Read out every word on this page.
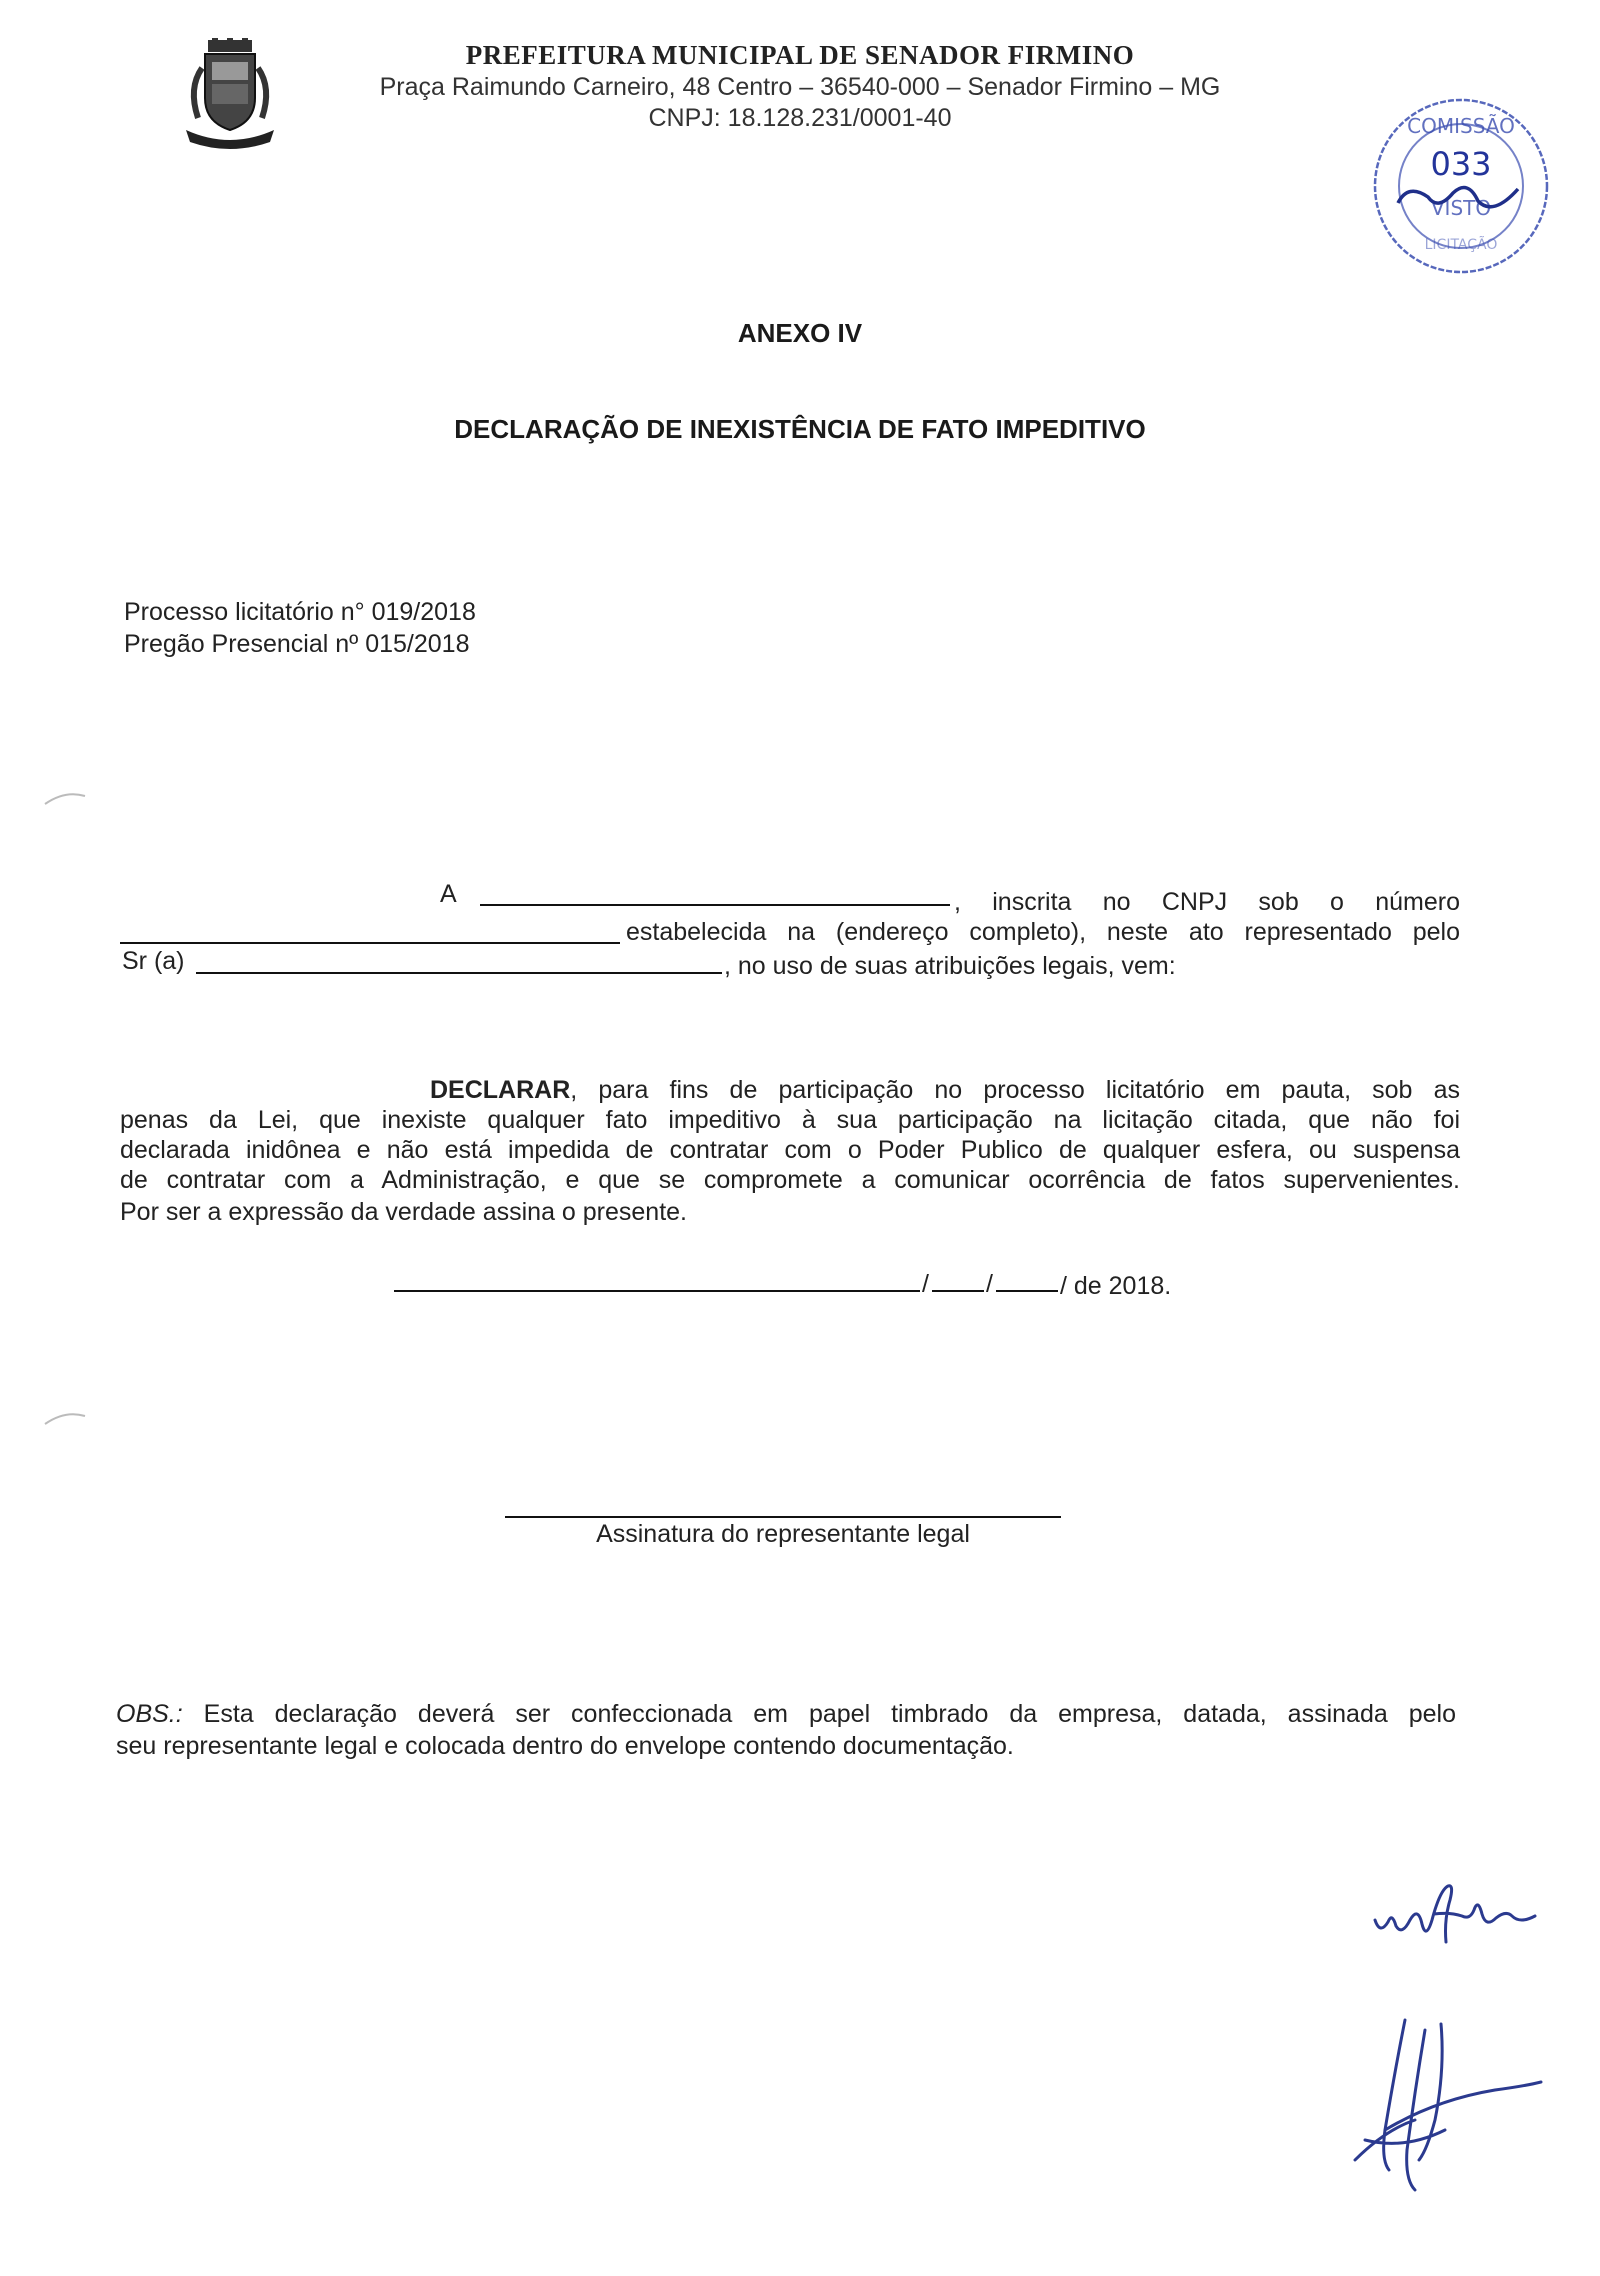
PREFEITURA MUNICIPAL DE SENADOR FIRMINO
Praça Raimundo Carneiro, 48 Centro – 36540-000 – Senador Firmino – MG
CNPJ: 18.128.231/0001-40	COMISSÃO
033
VISTO
LICITAÇÃO
ANEXO IV
DECLARAÇÃO DE INEXISTÊNCIA DE FATO IMPEDITIVO
Processo licitatório n° 019/2018
Pregão Presencial nº 015/2018
A	, inscrita no CNPJ sob o número
estabelecida na (endereço completo), neste ato representado pelo
Sr (a)	, no uso de suas atribuições legais, vem:
DECLARAR, para fins de participação no processo licitatório em pauta, sob as
penas da Lei, que inexiste qualquer fato impeditivo à sua participação na licitação citada, que não foi
declarada inidônea e não está impedida de contratar com o Poder Publico de qualquer esfera, ou suspensa
de contratar com a Administração, e que se compromete a comunicar ocorrência de fatos supervenientes.
Por ser a expressão da verdade assina o presente.
/ /	/ de 2018.
Assinatura do representante legal
OBS.: Esta declaração deverá ser confeccionada em papel timbrado da empresa, datada, assinada pelo
seu representante legal e colocada dentro do envelope contendo documentação.
